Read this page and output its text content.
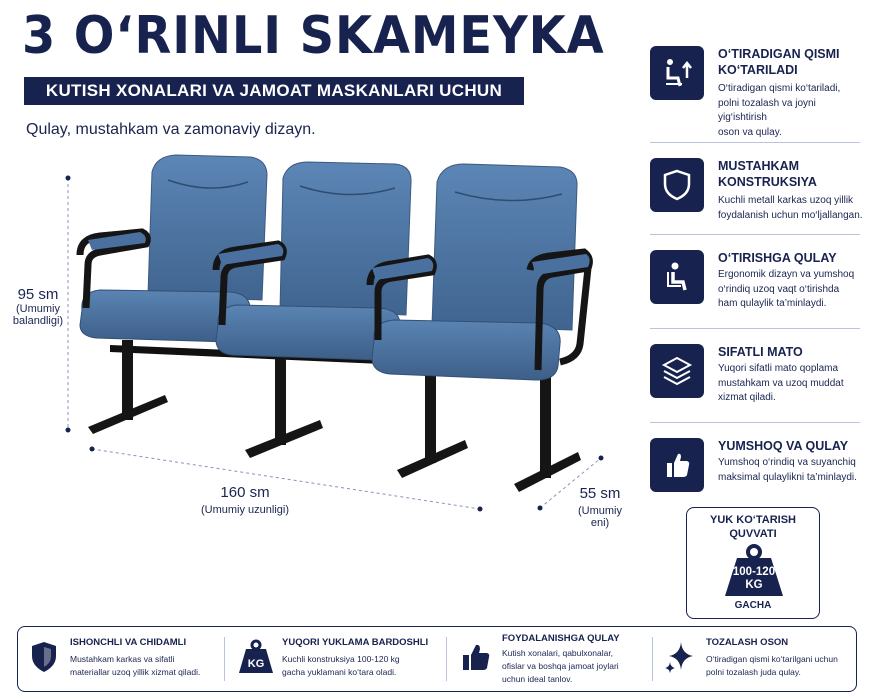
3 O‘RINLI SKAMEYKA
KUTISH XONALARI VA JAMOAT MASKANLARI UCHUN
Qulay, mustahkam va zamonaviy dizayn.
95 sm
(Umumiy
balandligi)
160 sm
(Umumiy uzunligi)
55 sm
(Umumiy
eni)
O‘TIRADIGAN QISMI
KO‘TARILADI
O‘tiradigan qismi ko‘tariladi,
polni tozalash va joyni yig‘ishtirish
oson va qulay.
MUSTAHKAM
KONSTRUKSIYA
Kuchli metall karkas uzoq yillik
foydalanish uchun mo‘ljallangan.
O‘TIRISHGA QULAY
Ergonomik dizayn va yumshoq
o‘rindiq uzoq vaqt o‘tirishda
ham qulaylik ta’minlaydi.
SIFATLI MATO
Yuqori sifatli mato qoplama
mustahkam va uzoq muddat
xizmat qiladi.
YUMSHOQ VA QULAY
Yumshoq o‘rindiq va suyanchiq
maksimal qulaylikni ta’minlaydi.
YUK KO‘TARISH
QUVVATI
100-120
KG
GACHA
ISHONCHLI VA CHIDAMLI
Mustahkam karkas va sifatli
materiallar uzoq yillik xizmat qiladi.
KG
YUQORI YUKLAMA BARDOSHLI
Kuchli konstruksiya 100-120 kg
gacha yuklamani ko‘tara oladi.
FOYDALANISHGA QULAY
Kutish xonalari, qabulxonalar,
ofislar va boshqa jamoat joylari
uchun ideal tanlov.
TOZALASH OSON
O‘tiradigan qismi ko‘tarilgani uchun
polni tozalash juda qulay.
